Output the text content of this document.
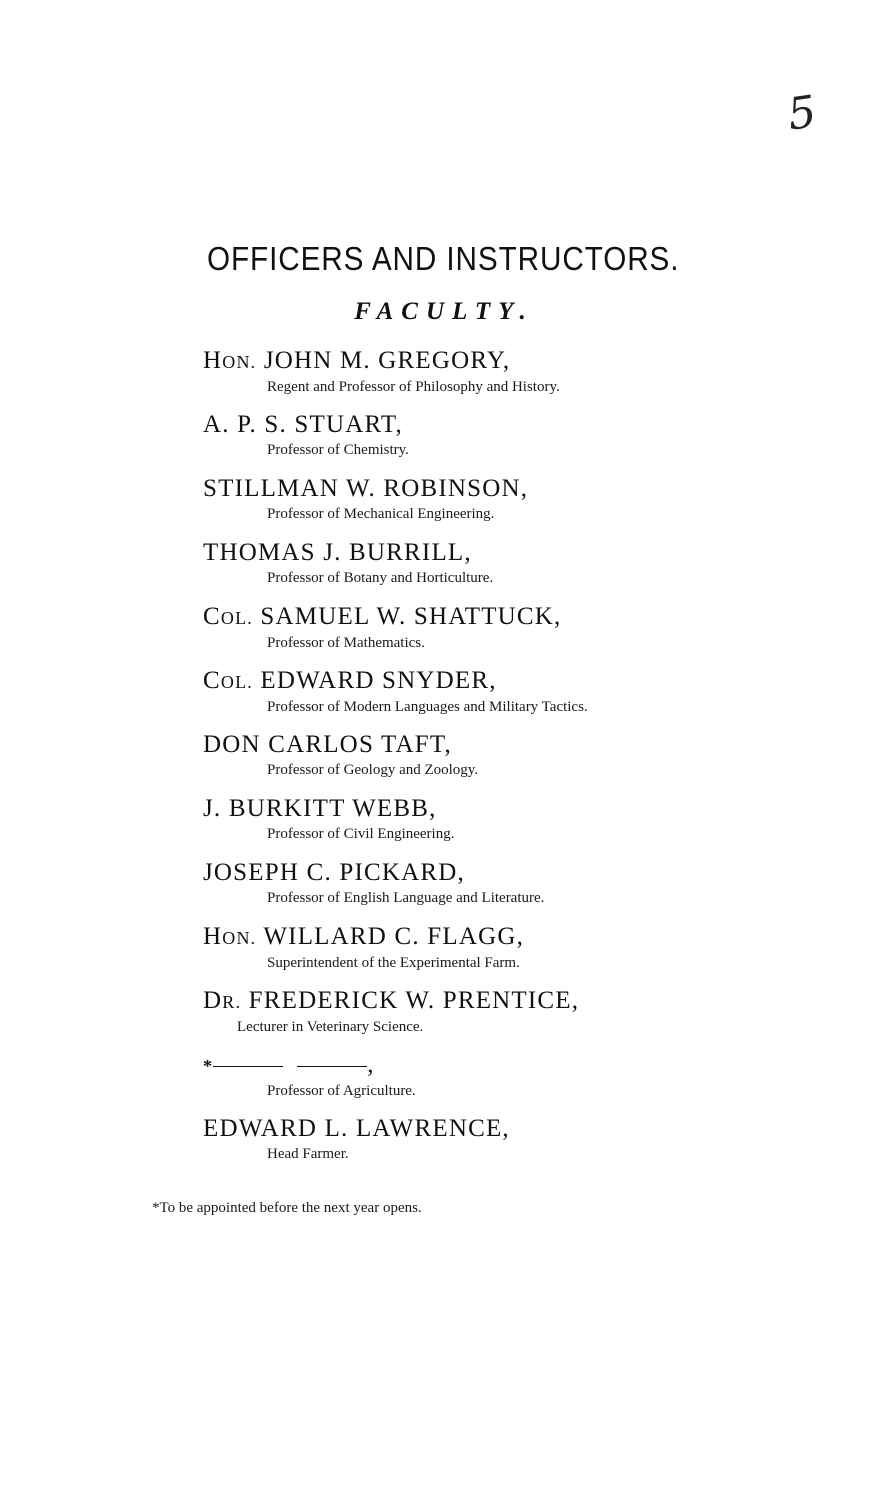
5
OFFICERS AND INSTRUCTORS.
FACULTY.
HON. JOHN M. GREGORY,
Regent and Professor of Philosophy and History.
A. P. S. STUART,
Professor of Chemistry.
STILLMAN W. ROBINSON,
Professor of Mechanical Engineering.
THOMAS J. BURRILL,
Professor of Botany and Horticulture.
COL. SAMUEL W. SHATTUCK,
Professor of Mathematics.
COL. EDWARD SNYDER,
Professor of Modern Languages and Military Tactics.
DON CARLOS TAFT,
Professor of Geology and Zoology.
J. BURKITT WEBB,
Professor of Civil Engineering.
JOSEPH C. PICKARD,
Professor of English Language and Literature.
HON. WILLARD C. FLAGG,
Superintendent of the Experimental Farm.
DR. FREDERICK W. PRENTICE,
Lecturer in Veterinary Science.
*	,
Professor of Agriculture.
EDWARD L. LAWRENCE,
Head Farmer.
*To be appointed before the next year opens.
